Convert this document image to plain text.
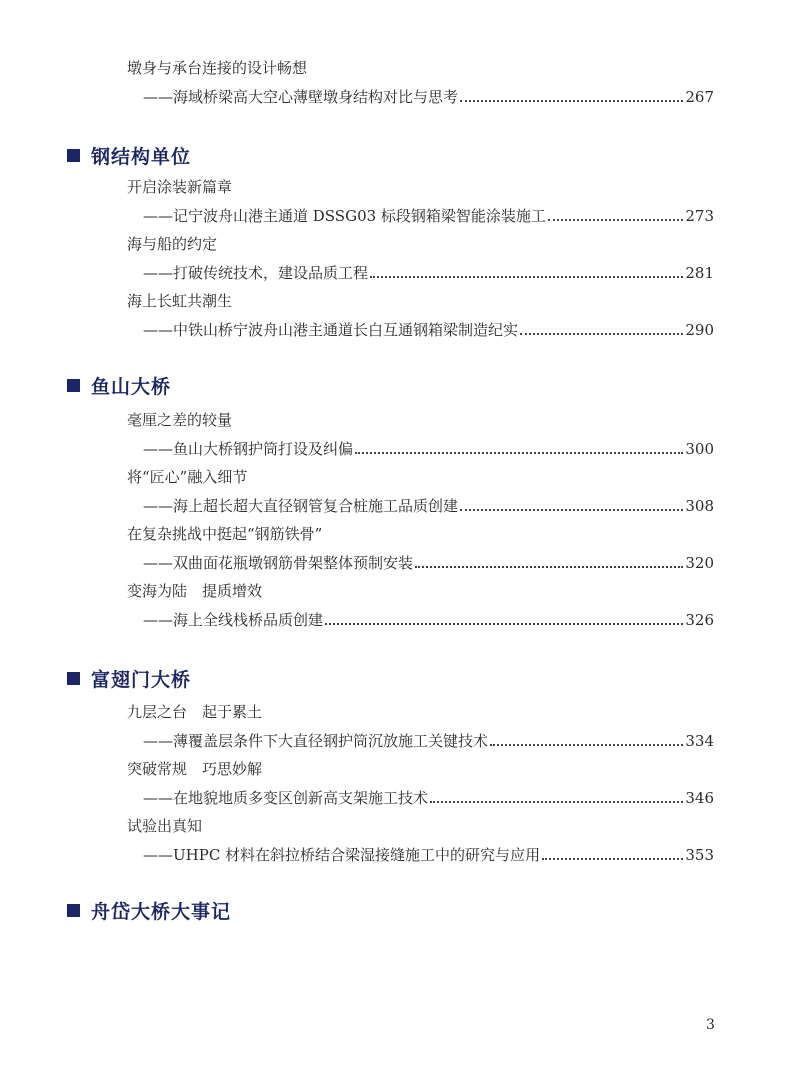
墩身与承台连接的设计畅想
——海域桥梁高大空心薄壁墩身结构对比与思考	267
钢结构单位
开启涂装新篇章
——记宁波舟山港主通道 DSSG03 标段钢箱梁智能涂装施工	273
海与船的约定
——打破传统技术，建设品质工程	281
海上长虹共潮生
——中铁山桥宁波舟山港主通道长白互通钢箱梁制造纪实	290
鱼山大桥
毫厘之差的较量
——鱼山大桥钢护筒打设及纠偏	300
将“匠心”融入细节
——海上超长超大直径钢管复合桩施工品质创建	308
在复杂挑战中挺起“钢筋铁骨”
——双曲面花瓶墩钢筋骨架整体预制安装	320
变海为陆　提质增效
——海上全线栈桥品质创建	326
富翅门大桥
九层之台　起于累土
——薄覆盖层条件下大直径钢护筒沉放施工关键技术	334
突破常规　巧思妙解
——在地貌地质多变区创新高支架施工技术	346
试验出真知
——UHPC 材料在斜拉桥结合梁湿接缝施工中的研究与应用	353
舟岱大桥大事记
3
